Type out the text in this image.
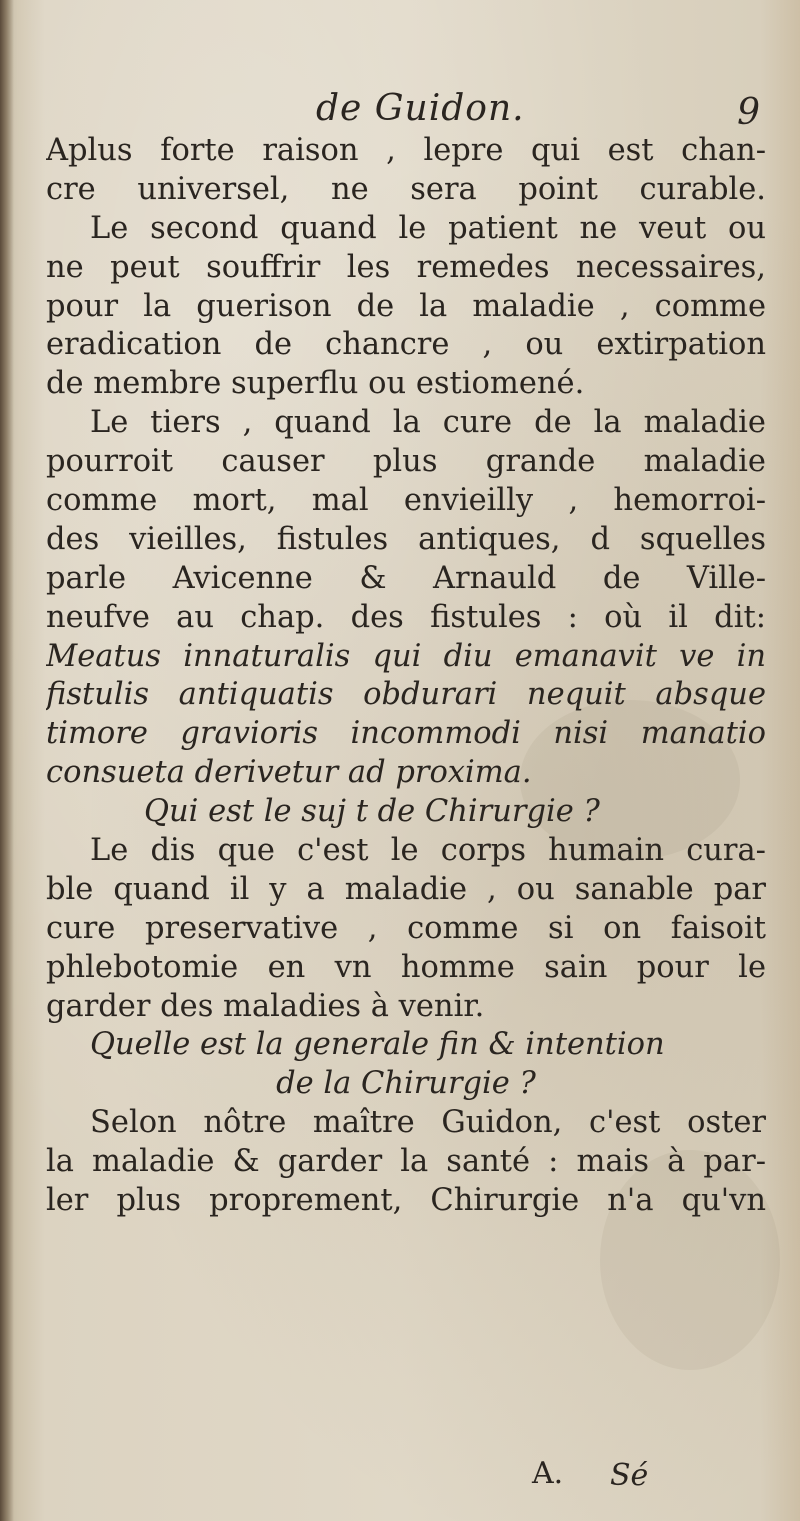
de Guidon.	9
A plus forte raison , lepre qui est chan-
cre universel, ne sera point curable.
Le second quand le patient ne veut ou
ne peut souffrir les remedes necessaires,
pour la guerison de la maladie , comme
eradication de chancre , ou extirpation
de membre superflu ou estiomené.
Le tiers , quand la cure de la maladie
pourroit causer plus grande maladie
comme mort, mal envieilly , hemorroi-
des vieilles, fistules antiques, d squelles
parle Avicenne & Arnauld de Ville-
neufve au chap. des fistules : où il dit:
Meatus innaturalis qui diu emanavit ve in
fistulis antiquatis obdurari nequit absque
timore gravioris incommodi nisi manatio
consueta derivetur ad proxima.
Qui est le suj t de Chirurgie ?
Le dis que c'est le corps humain cura-
ble quand il y a maladie , ou sanable par
cure preservative , comme si on faisoit
phlebotomie en vn homme sain pour le
garder des maladies à venir.
Quelle est la generale fin & intention
de la Chirurgie ?
Selon nôtre maître Guidon, c'est oster
la maladie & garder la santé : mais à par-
ler plus proprement, Chirurgie n'a qu'vn
A. Sé
